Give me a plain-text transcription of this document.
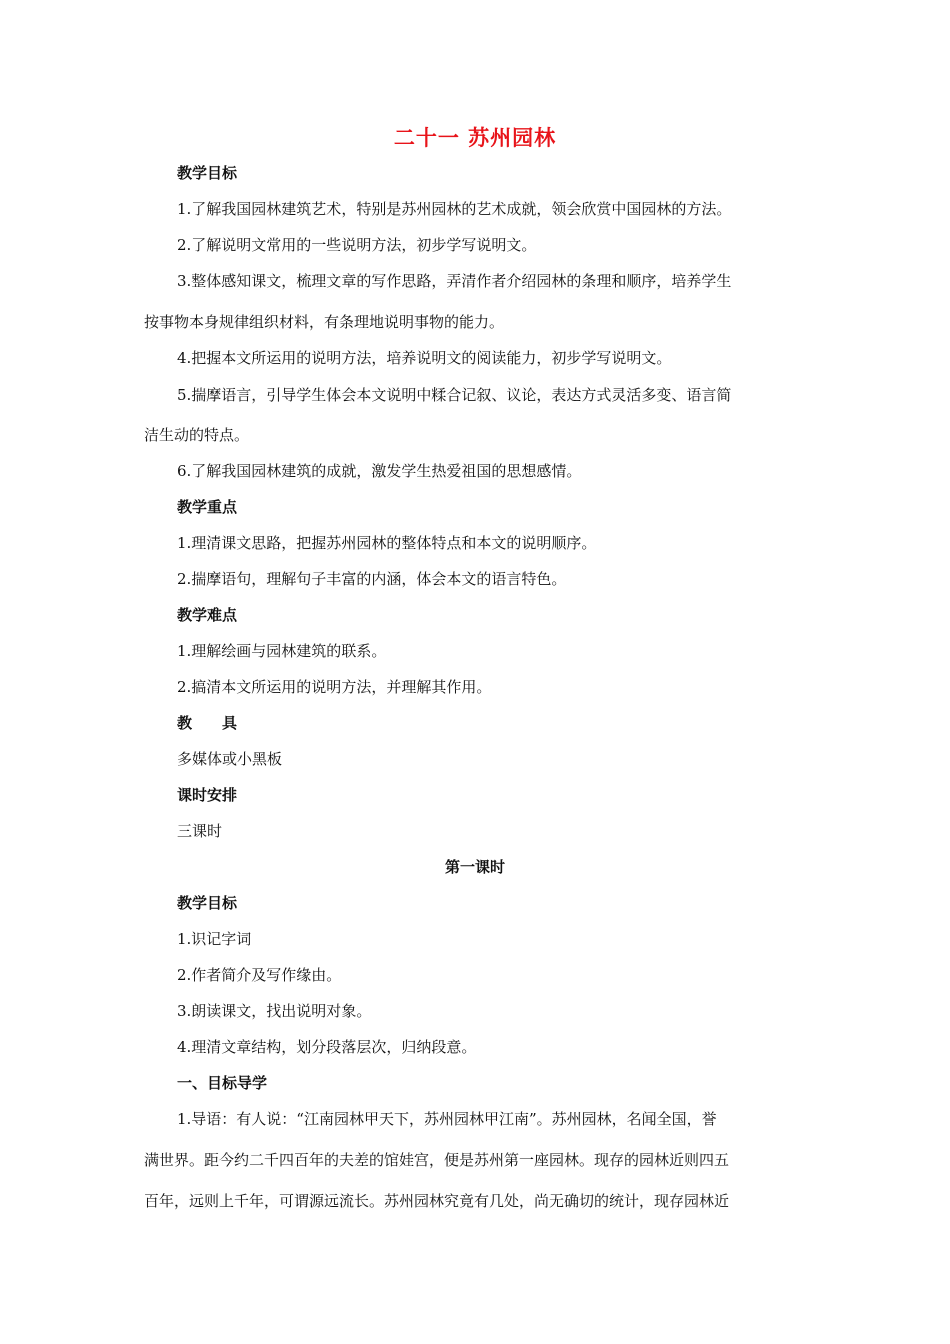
二十一 苏州园林
教学目标
1.了解我国园林建筑艺术，特别是苏州园林的艺术成就，领会欣赏中国园林的方法。
2.了解说明文常用的一些说明方法，初步学写说明文。
3.整体感知课文，梳理文章的写作思路，弄清作者介绍园林的条理和顺序，培养学生
按事物本身规律组织材料，有条理地说明事物的能力。
4.把握本文所运用的说明方法，培养说明文的阅读能力，初步学写说明文。
5.揣摩语言，引导学生体会本文说明中糅合记叙、议论，表达方式灵活多变、语言简
洁生动的特点。
6.了解我国园林建筑的成就，激发学生热爱祖国的思想感情。
教学重点
1.理清课文思路，把握苏州园林的整体特点和本文的说明顺序。
2.揣摩语句，理解句子丰富的内涵，体会本文的语言特色。
教学难点
1.理解绘画与园林建筑的联系。
2.搞清本文所运用的说明方法，并理解其作用。
教　　具
多媒体或小黑板
课时安排
三课时
第一课时
教学目标
1.识记字词
2.作者简介及写作缘由。
3.朗读课文，找出说明对象。
4.理清文章结构，划分段落层次，归纳段意。
一、目标导学
1.导语：有人说：“江南园林甲天下，苏州园林甲江南”。苏州园林，名闻全国，誉
满世界。距今约二千四百年的夫差的馆娃宫，便是苏州第一座园林。现存的园林近则四五
百年，远则上千年，可谓源远流长。苏州园林究竟有几处，尚无确切的统计，现存园林近
